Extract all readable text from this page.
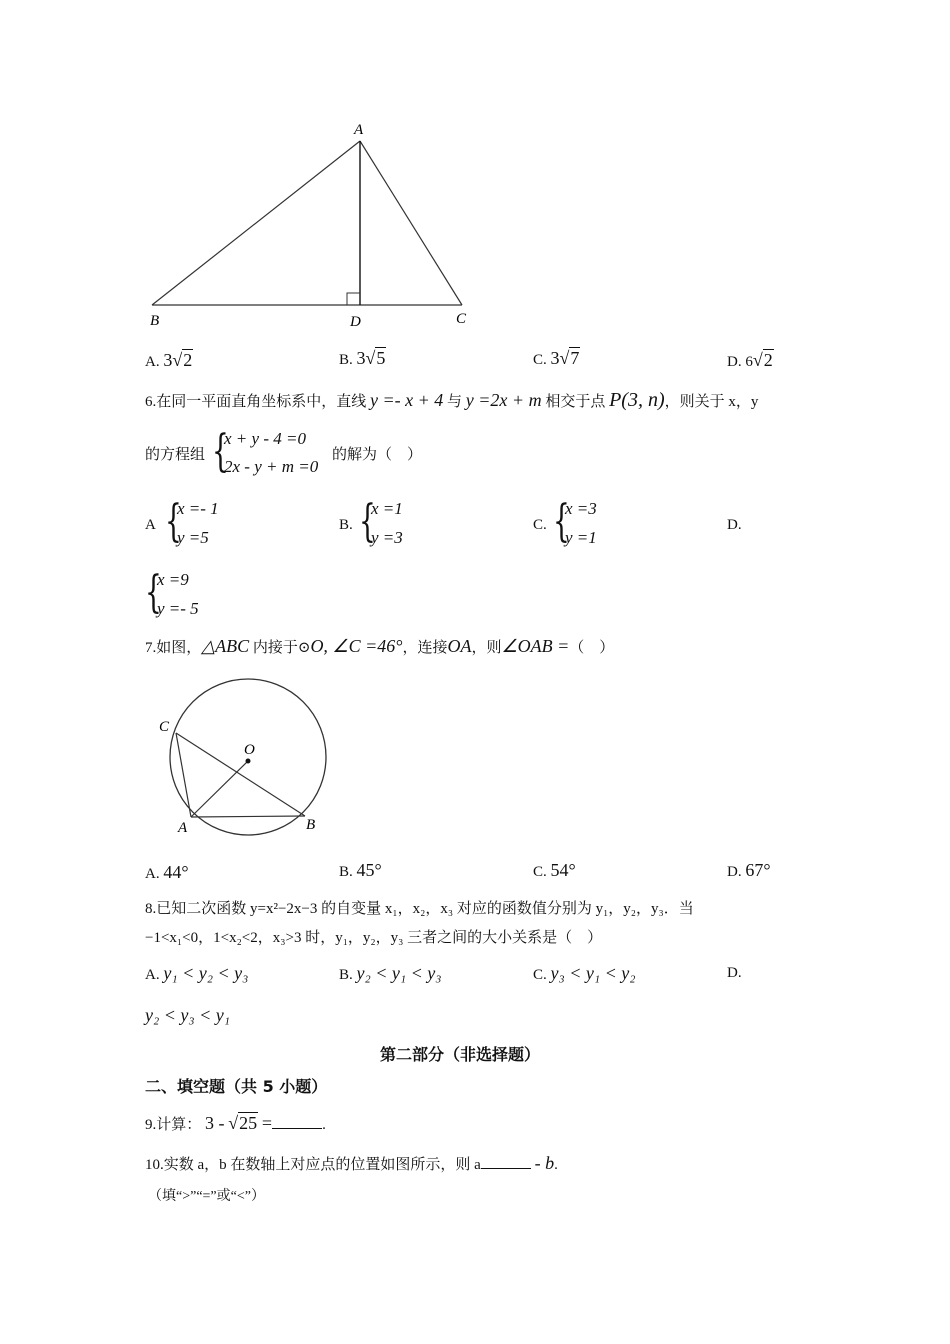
A
B	D	C
A. 3√2	B. 3√5	C. 3√7	D. 6√2
6.在同一平面直角坐标系中，直线 y =- x + 4 与 y =2x + m 相交于点 P(3, n)，则关于 x，y
的方程组 {
x + y - 4 =0
2x - y + m =0
的解为（　）
A {
x =- 1
y =5
B. {
x =1
y =3
C. {
x =3
y =1
D.
{
x =9
y =- 5
7.如图，△ABC 内接于⊙O, ∠C =46°，连接OA，则∠OAB =（　）
C
O
A	B
A. 44°	B. 45°	C. 54°	D. 67°
8.已知二次函数 y=x²−2x−3 的自变量 x₁，x₂，x₃ 对应的函数值分别为 y₁，y₂，y₃．当
−1<x₁<0，1<x₂<2，x₃>3 时，y₁，y₂，y₃ 三者之间的大小关系是（　）
A. y₁ < y₂ < y₃	B. y₂ < y₁ < y₃	C. y₃ < y₁ < y₂	D.
y₂ < y₃ < y₁
第二部分（非选择题）
二、填空题（共 5 小题）
9.计算： 3 - √25 =	.
10.实数 a，b 在数轴上对应点的位置如图所示，则 a	- b.
（填“>”“=”或“<”）
